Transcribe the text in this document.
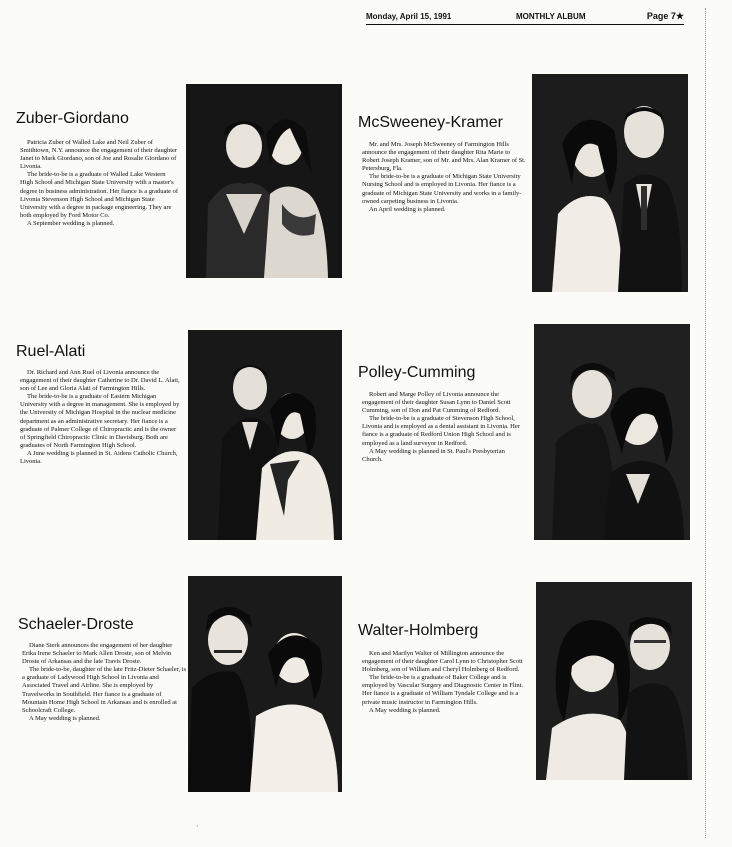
Monday, April 15, 1991	MONTHLY ALBUM	Page 7★
Zuber-Giordano

Patricia Zuber of Walled Lake and Neil Zuber of Smithtown, N.Y. announce the engagement of their daughter Janet to Mark Giordano, son of Joe and Rosalie Giordano of Livonia.

The bride-to-be is a graduate of Walled Lake Western High School and Michigan State University with a master's degree in business administration. Her fiance is a graduate of Livonia Stevenson High School and Michigan State University with a degree in package engineering. They are both employed by Ford Motor Co.

A September wedding is planned.

McSweeney-Kramer

Mr. and Mrs. Joseph McSweeney of Farmington Hills announce the engagement of their daughter Rita Marie to Robert Joseph Kramer, son of Mr. and Mrs. Alan Kramer of St. Petersburg, Fla.

The bride-to-be is a graduate of Michigan State University Nursing School and is employed in Livonia. Her fiance is a graduate of Michigan State University and works in a family-owned carpeting business in Livonia.

An April wedding is planned.

Ruel-Alati

Dr. Richard and Ann Ruel of Livonia announce the engagement of their daughter Catherine to Dr. David L. Alati, son of Lee and Gloria Alati of Farmington Hills.

The bride-to-be is a graduate of Eastern Michigan University with a degree in management. She is employed by the University of Michigan Hospital in the nuclear medicine department as an administrative secretary. Her fiance is a graduate of Palmer College of Chiropractic and is the owner of Springfield Chiropractic Clinic in Davisburg. Both are graduates of North Farmington High School.

A June wedding is planned in St. Aidens Catholic Church, Livonia.

Polley-Cumming

Robert and Marge Polley of Livonia announce the engagement of their daughter Susan Lynn to Daniel Scott Cumming, son of Don and Pat Cumming of Redford.

The bride-to-be is a graduate of Stevenson High School, Livonia and is employed as a dental assistant in Livonia. Her fiance is a graduate of Redford Union High School and is employed as a land surveyor in Redford.

A May wedding is planned in St. Paul's Presbyterian Church.

Schaeler-Droste

Diane Sterk announces the engagement of her daughter Erika Irene Schaeler to Mark Allen Droste, son of Melvin Droste of Arkansas and the late Travis Droste.

The bride-to-be, daughter of the late Fritz-Dieter Schaeler, is a graduate of Ladywood High School in Livonia and Associated Travel and Airline. She is employed by Travelworks in Southfield. Her fiance is a graduate of Mountain Home High School in Arkansas and is enrolled at Schoolcraft College.

A May wedding is planned.

Walter-Holmberg

Ken and Marilyn Walter of Millington announce the engagement of their daughter Carol Lynn to Christopher Scott Holmberg, son of William and Cheryl Holmberg of Redford.

The bride-to-be is a graduate of Baker College and is employed by Vascular Surgery and Diagnostic Center in Flint. Her fiance is a graduate of William Tyndale College and is a private music instructor in Farmington Hills.

A May wedding is planned.

·
